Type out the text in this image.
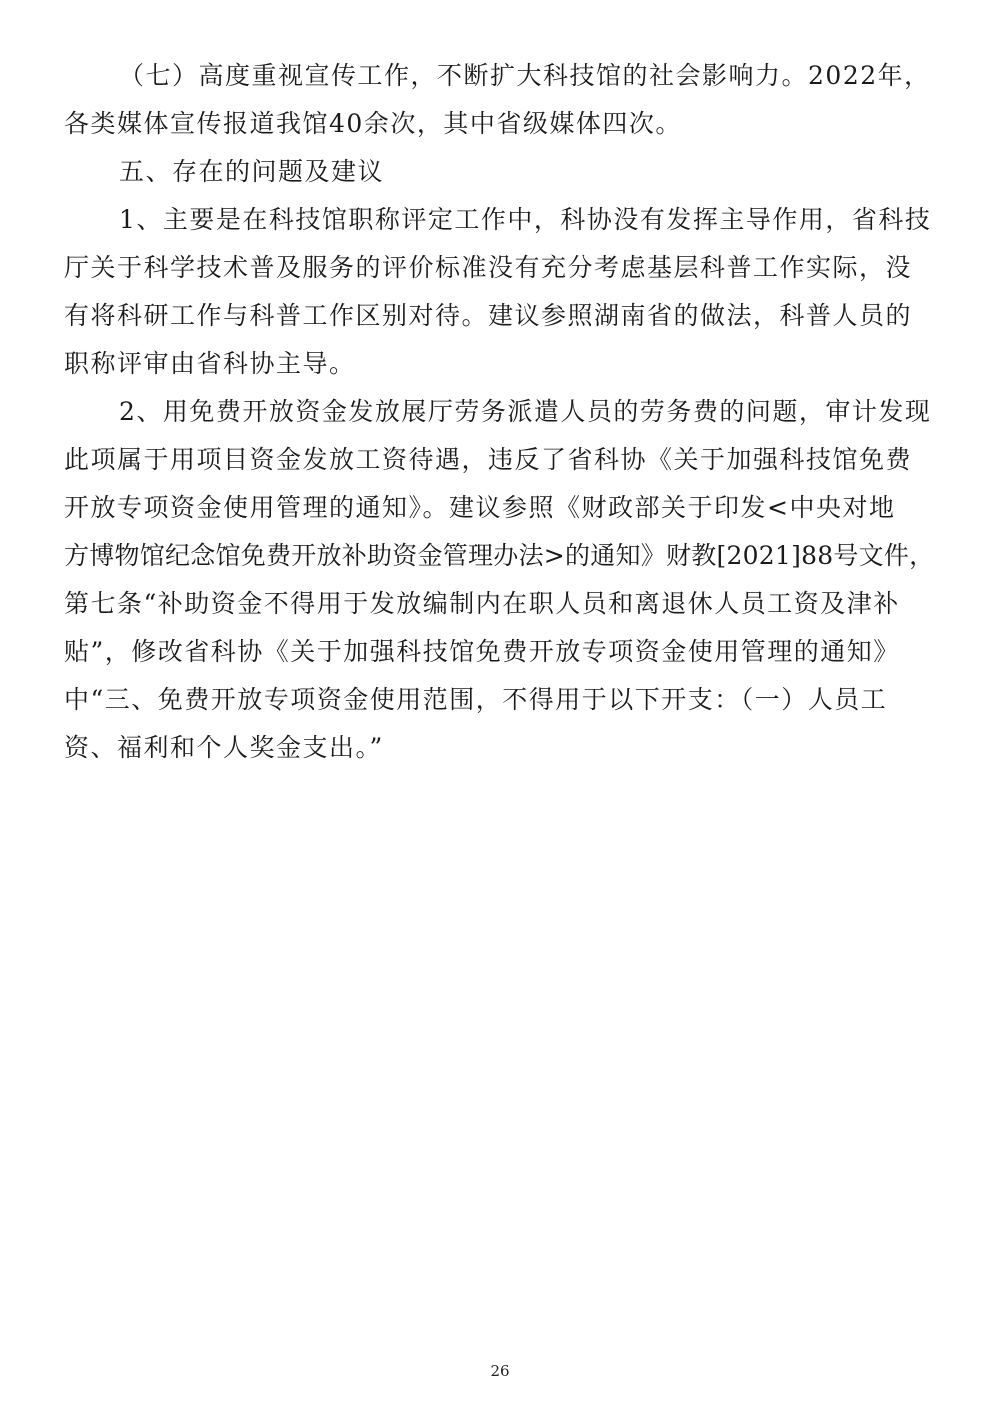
（七）高度重视宣传工作，不断扩大科技馆的社会影响力。2022年，
各类媒体宣传报道我馆40余次，其中省级媒体四次。
五、存在的问题及建议
1、主要是在科技馆职称评定工作中，科协没有发挥主导作用，省科技
厅关于科学技术普及服务的评价标准没有充分考虑基层科普工作实际，没
有将科研工作与科普工作区别对待。建议参照湖南省的做法，科普人员的
职称评审由省科协主导。
2、用免费开放资金发放展厅劳务派遣人员的劳务费的问题，审计发现
此项属于用项目资金发放工资待遇，违反了省科协《关于加强科技馆免费
开放专项资金使用管理的通知》。建议参照《财政部关于印发<中央对地
方博物馆纪念馆免费开放补助资金管理办法>的通知》财教[2021]88号文件，
第七条“补助资金不得用于发放编制内在职人员和离退休人员工资及津补
贴”，修改省科协《关于加强科技馆免费开放专项资金使用管理的通知》
中“三、免费开放专项资金使用范围，不得用于以下开支：（一）人员工
资、福利和个人奖金支出。”
26
